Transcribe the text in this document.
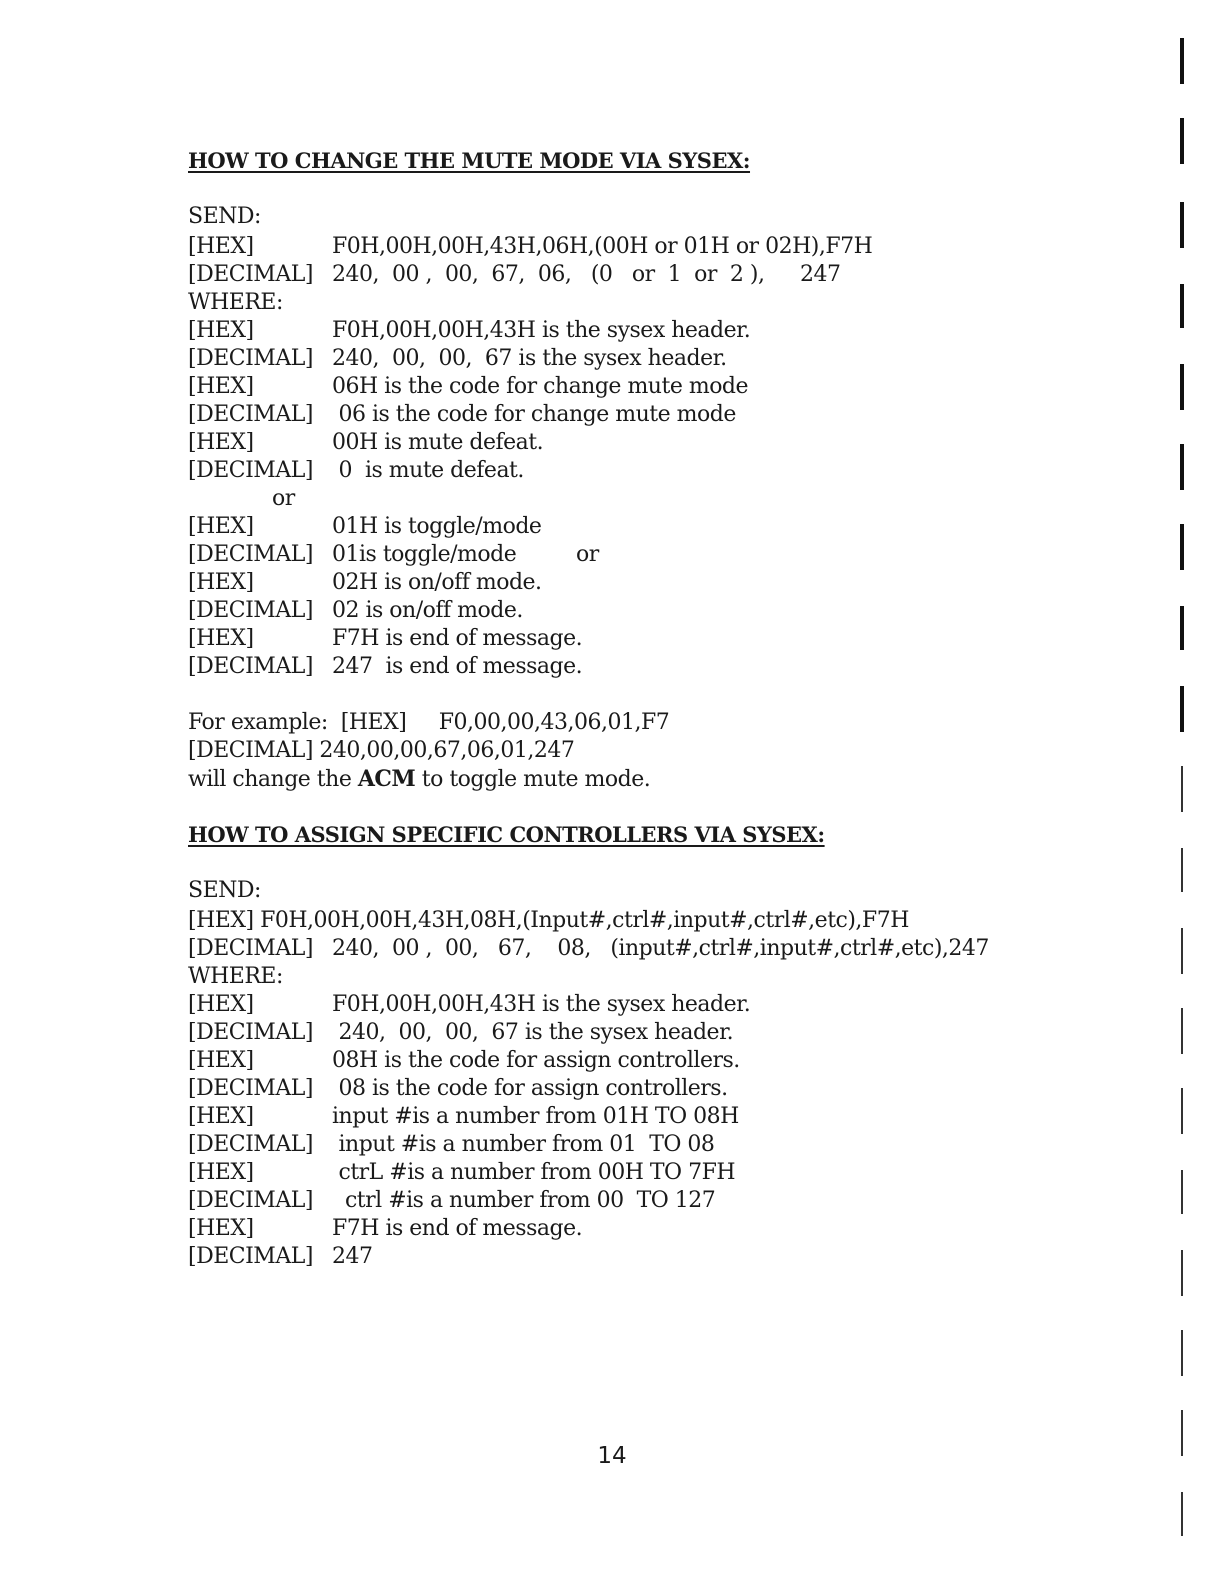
HOW TO CHANGE THE MUTE MODE VIA SYSEX:
SEND:
[HEX]	F0H,00H,00H,43H,06H,(00H or 01H or 02H),F7H
[DECIMAL] 240,  00 ,  00,  67,  06,   (0   or  1  or  2 ), 247
WHERE:
[HEX]	F0H,00H,00H,43H is the sysex header.
[DECIMAL] 240,  00,  00,  67 is the sysex header.
[HEX]	06H is the code for change mute mode
[DECIMAL] 06 is the code for change mute mode
[HEX]	00H is mute defeat.
[DECIMAL] 0  is mute defeat.
or
[HEX]	01H is toggle/mode
[DECIMAL] 01is toggle/mode	or
[HEX]	02H is on/off mode.
[DECIMAL] 02 is on/off mode.
[HEX]	F7H is end of message.
[DECIMAL] 247  is end of message.
For example:  [HEX]     F0,00,00,43,06,01,F7
[DECIMAL] 240,00,00,67,06,01,247
will change the ACM to toggle mute mode.
HOW TO ASSIGN SPECIFIC CONTROLLERS VIA SYSEX:
SEND:
[HEX] F0H,00H,00H,43H,08H,(Input#,ctrl#,input#,ctrl#,etc),F7H
[DECIMAL] 240,  00 ,  00,   67,    08,   (input#,ctrl#,input#,ctrl#,etc),247
WHERE:
[HEX]	F0H,00H,00H,43H is the sysex header.
[DECIMAL] 240,  00,  00,  67 is the sysex header.
[HEX]	08H is the code for assign controllers.
[DECIMAL] 08 is the code for assign controllers.
[HEX]	input #is a number from 01H TO 08H
[DECIMAL] input #is a number from 01  TO 08
[HEX]	ctrL #is a number from 00H TO 7FH
[DECIMAL] ctrl #is a number from 00  TO 127
[HEX]	F7H is end of message.
[DECIMAL] 247
14
